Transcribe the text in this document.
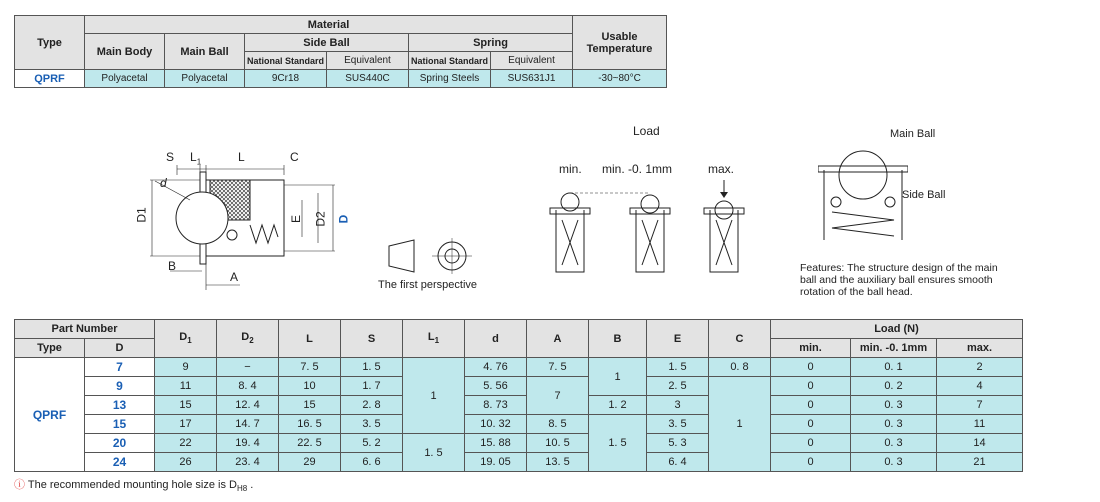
Type	Material						Usable Temperature
	Main Body	Main Ball	Side Ball		Spring		
			National Standard	Equivalent	National Standard	Equivalent	
QPRF	Polyacetal	Polyacetal	9Cr18	SUS440C	Spring Steels	SUS631J1	-30~80°C
S $L_1$	L	C
d
D1	E D2 D
B
A
The first perspective
Load
min. min. -0. 1mm	max.
Main Ball
Side Ball
Features: The structure design of the main
ball and the auxiliary ball ensures smooth
rotation of the ball head.
Part Number		$D_1$	$D_2$	L	S	$L_1$	d	A	B	E	C	Load (N)		
Type	D											min.	min. -0. 1mm	max.
QPRF	7	9	−	7. 5	1. 5	1	4. 76	7. 5	1	1. 5	0. 8	0	0. 1	2
	9	11	8. 4	10	1. 7		5. 56	7		2. 5	1	0	0. 2	4
	13	15	12. 4	15	2. 8		8. 73		1. 2	3		0	0. 3	7
	15	17	14. 7	16. 5	3. 5		10. 32	8. 5	1. 5	3. 5		0	0. 3	11
	20	22	19. 4	22. 5	5. 2	1. 5	15. 88	10. 5		5. 3		0	0. 3	14
	24	26	23. 4	29	6. 6		19. 05	13. 5		6. 4		0	0. 3	21
ⓘ The recommended mounting hole size is $D_{H8}$ .
